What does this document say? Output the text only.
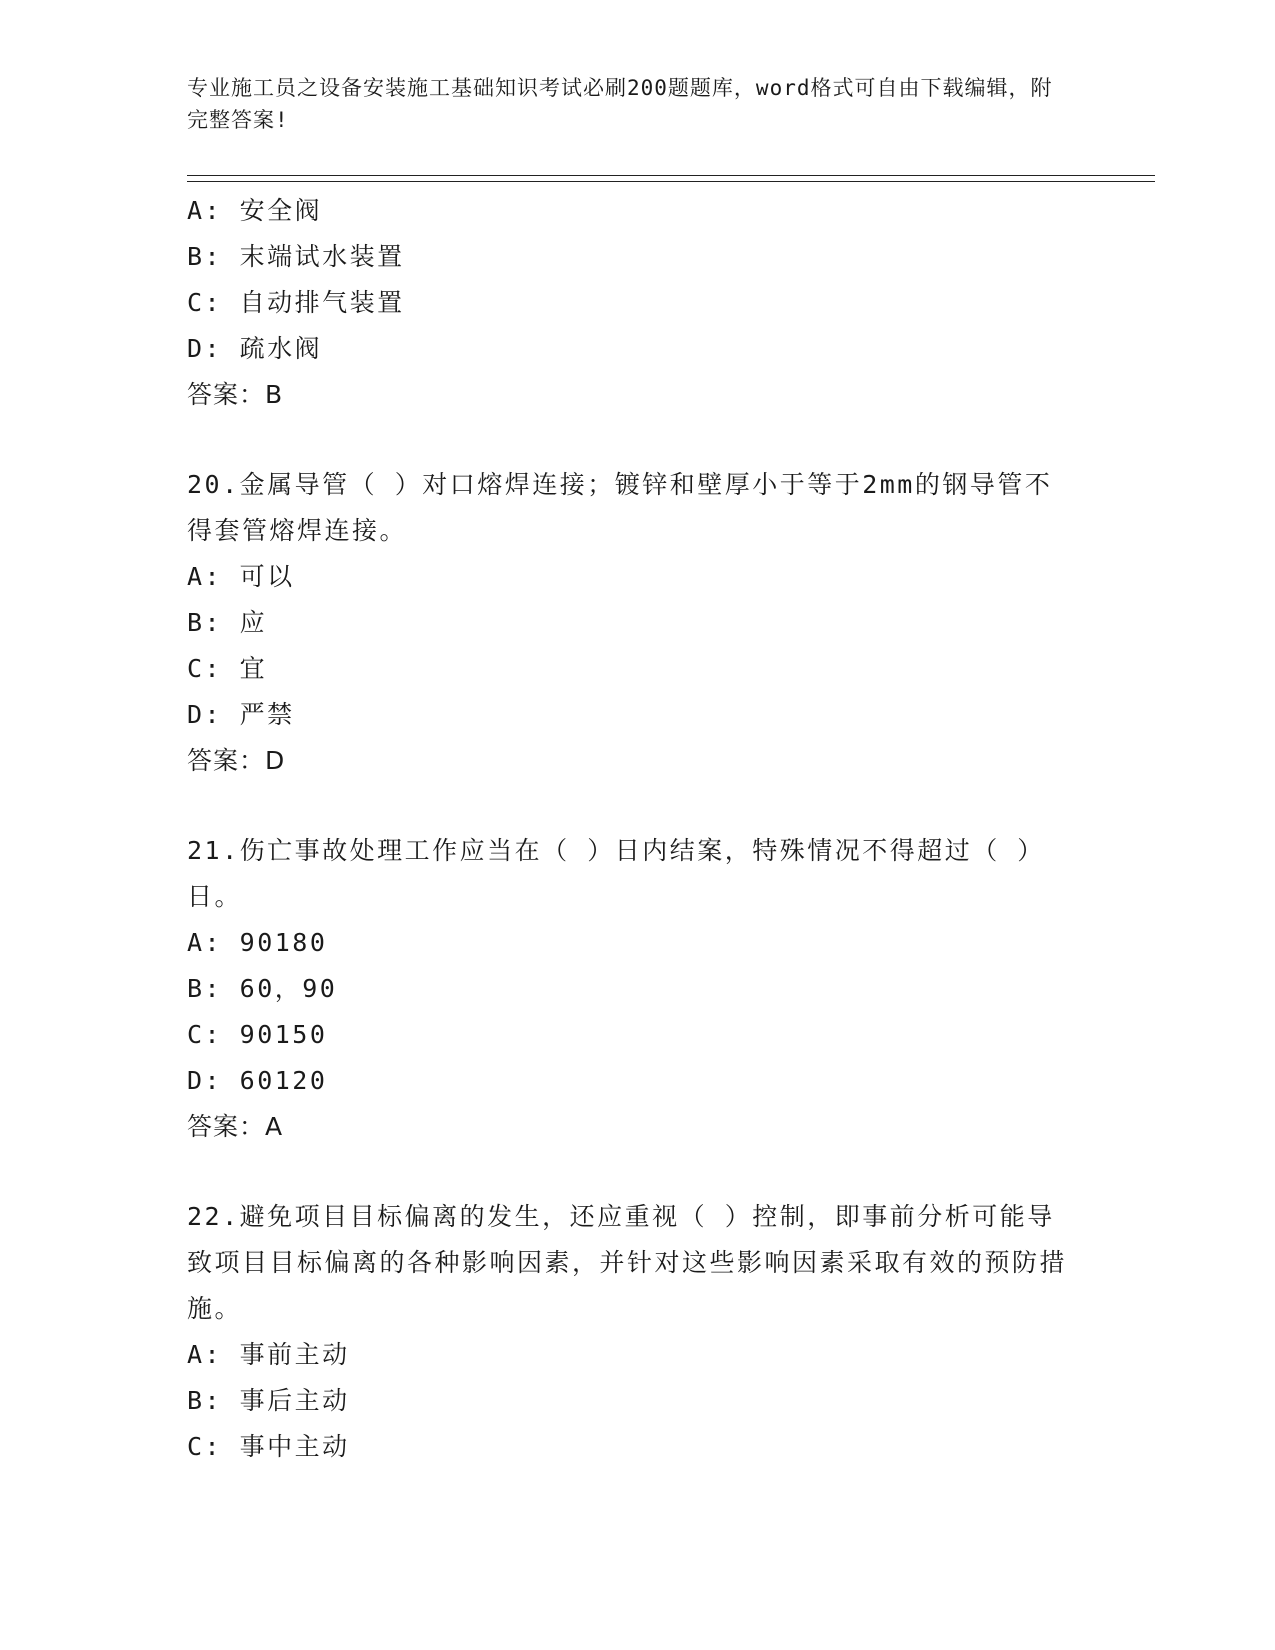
专业施工员之设备安装施工基础知识考试必刷200题题库，word格式可自由下载编辑，附完整答案!
A: 安全阀
B: 末端试水装置
C: 自动排气装置
D: 疏水阀
答案：B
20.金属导管（ ）对口熔焊连接；镀锌和壁厚小于等于2mm的钢导管不得套管熔焊连接。
A: 可以
B: 应
C: 宜
D: 严禁
答案：D
21.伤亡事故处理工作应当在（ ）日内结案，特殊情况不得超过（ ）日。
A: 90180
B: 60，90
C: 90150
D: 60120
答案：A
22.避免项目目标偏离的发生，还应重视（ ）控制，即事前分析可能导致项目目标偏离的各种影响因素，并针对这些影响因素采取有效的预防措施。
A: 事前主动
B: 事后主动
C: 事中主动
